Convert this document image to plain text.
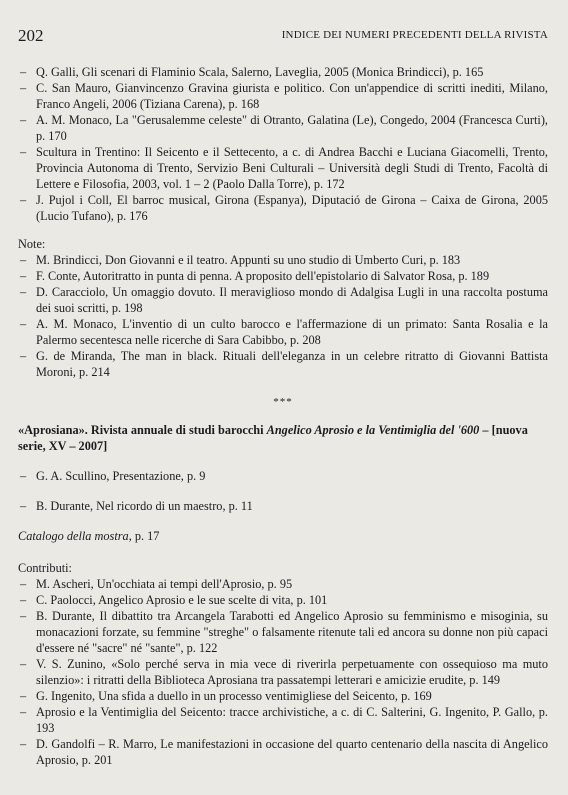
202	INDICE DEI NUMERI PRECEDENTI DELLA RIVISTA
– Q. Galli, Gli scenari di Flaminio Scala, Salerno, Laveglia, 2005 (Monica Brindicci), p. 165
– C. San Mauro, Gianvincenzo Gravina giurista e politico. Con un'appendice di scritti inediti, Milano, Franco Angeli, 2006 (Tiziana Carena), p. 168
– A. M. Monaco, La "Gerusalemme celeste" di Otranto, Galatina (Le), Congedo, 2004 (Francesca Curti), p. 170
– Scultura in Trentino: Il Seicento e il Settecento, a c. di Andrea Bacchi e Luciana Giacomelli, Trento, Provincia Autonoma di Trento, Servizio Beni Culturali – Università degli Studi di Trento, Facoltà di Lettere e Filosofia, 2003, vol. 1 – 2 (Paolo Dalla Torre), p. 172
– J. Pujol i Coll, El barroc musical, Girona (Espanya), Diputació de Girona – Caixa de Girona, 2005 (Lucio Tufano), p. 176
Note:
– M. Brindicci, Don Giovanni e il teatro. Appunti su uno studio di Umberto Curi, p. 183
– F. Conte, Autoritratto in punta di penna. A proposito dell'epistolario di Salvator Rosa, p. 189
– D. Caracciolo, Un omaggio dovuto. Il meraviglioso mondo di Adalgisa Lugli in una raccolta postuma dei suoi scritti, p. 198
– A. M. Monaco, L'inventio di un culto barocco e l'affermazione di un primato: Santa Rosalia e la Palermo secentesca nelle ricerche di Sara Cabibbo, p. 208
– G. de Miranda, The man in black. Rituali dell'eleganza in un celebre ritratto di Giovanni Battista Moroni, p. 214
***
«Aprosiana». Rivista annuale di studi barocchi Angelico Aprosio e la Ventimiglia del '600 – [nuova serie, XV – 2007]
– G. A. Scullino, Presentazione, p. 9
– B. Durante, Nel ricordo di un maestro, p. 11
Catalogo della mostra, p. 17
Contributi:
– M. Ascheri, Un'occhiata ai tempi dell'Aprosio, p. 95
– C. Paolocci, Angelico Aprosio e le sue scelte di vita, p. 101
– B. Durante, Il dibattito tra Arcangela Tarabotti ed Angelico Aprosio su femminismo e misoginia, su monacazioni forzate, su femmine "streghe" o falsamente ritenute tali ed ancora su donne non più capaci d'essere né "sacre" né "sante", p. 122
– V. S. Zunino, «Solo perché serva in mia vece di riverirla perpetuamente con ossequioso ma muto silenzio»: i ritratti della Biblioteca Aprosiana tra passatempi letterari e amicizie erudite, p. 149
– G. Ingenito, Una sfida a duello in un processo ventimigliese del Seicento, p. 169
– Aprosio e la Ventimiglia del Seicento: tracce archivistiche, a c. di C. Salterini, G. Ingenito, P. Gallo, p. 193
– D. Gandolfi – R. Marro, Le manifestazioni in occasione del quarto centenario della nascita di Angelico Aprosio, p. 201
